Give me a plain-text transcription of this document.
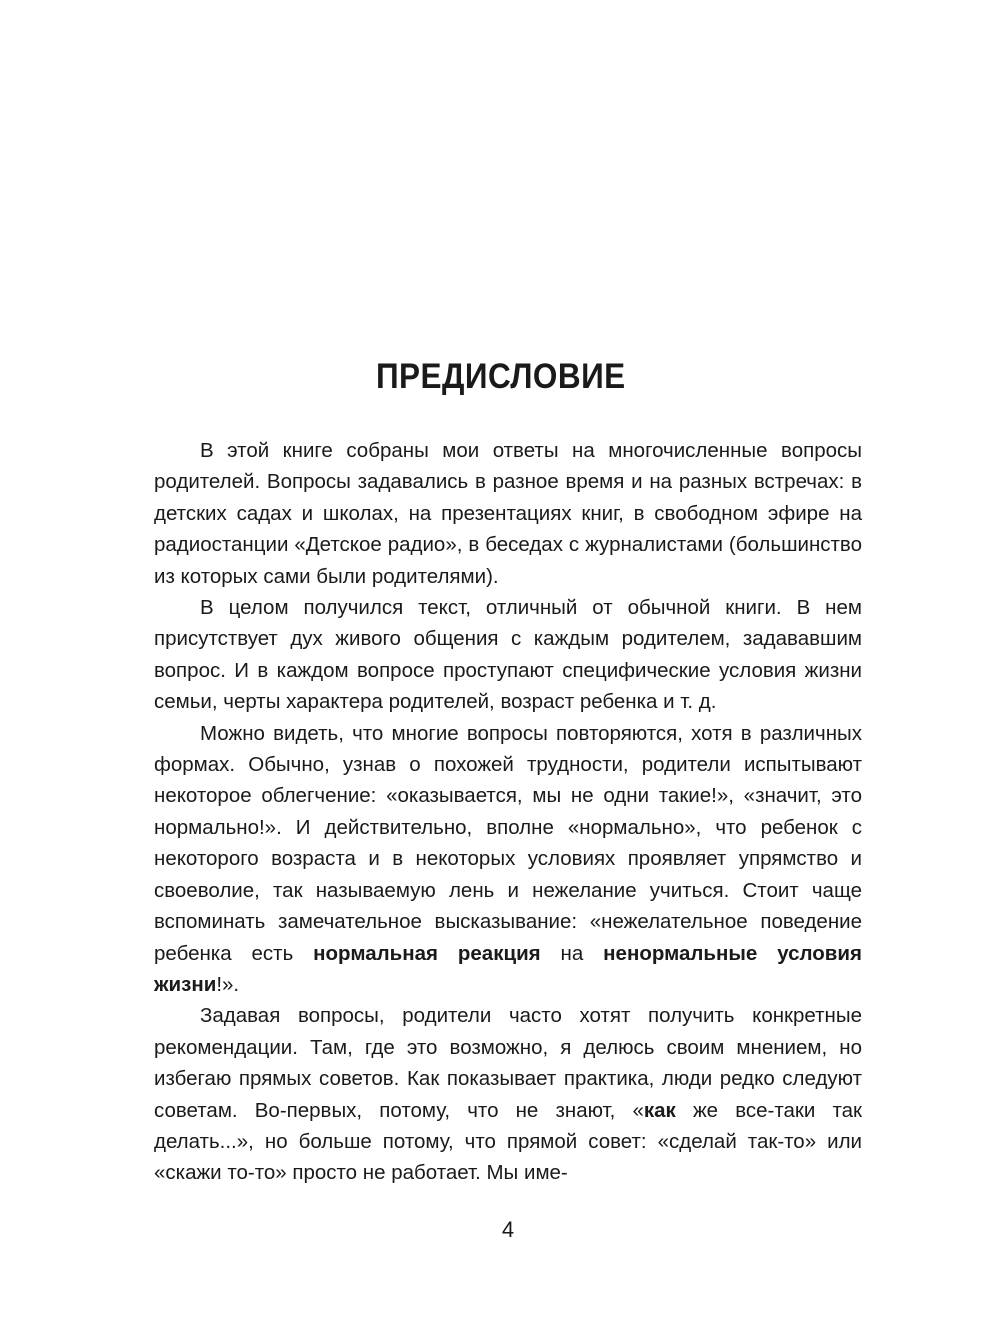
ПРЕДИСЛОВИЕ

В этой книге собраны мои ответы на многочисленные вопросы родителей. Вопросы задавались в разное время и на разных встречах: в детских садах и школах, на презентациях книг, в свободном эфире на радиостанции «Детское радио», в беседах с журналистами (большинство из которых сами были родителями).

В целом получился текст, отличный от обычной книги. В нем присутствует дух живого общения с каждым родителем, задававшим вопрос. И в каждом вопросе проступают специфические условия жизни семьи, черты характера родителей, возраст ребенка и т. д.

Можно видеть, что многие вопросы повторяются, хотя в различных формах. Обычно, узнав о похожей трудности, родители испытывают некоторое облегчение: «оказывается, мы не одни такие!», «значит, это нормально!». И действительно, вполне «нормально», что ребенок с некоторого возраста и в некоторых условиях проявляет упрямство и своеволие, так называемую лень и нежелание учиться. Стоит чаще вспоминать замечательное высказывание: «нежелательное поведение ребенка есть нормальная реакция на ненормальные условия жизни!».

Задавая вопросы, родители часто хотят получить конкретные рекомендации. Там, где это возможно, я делюсь своим мнением, но избегаю прямых советов. Как показывает практика, люди редко следуют советам. Во-первых, потому, что не знают, «как же все-таки так делать...», но больше потому, что прямой совет: «сделай так-то» или «скажи то-то» просто не работает. Мы име-

4
